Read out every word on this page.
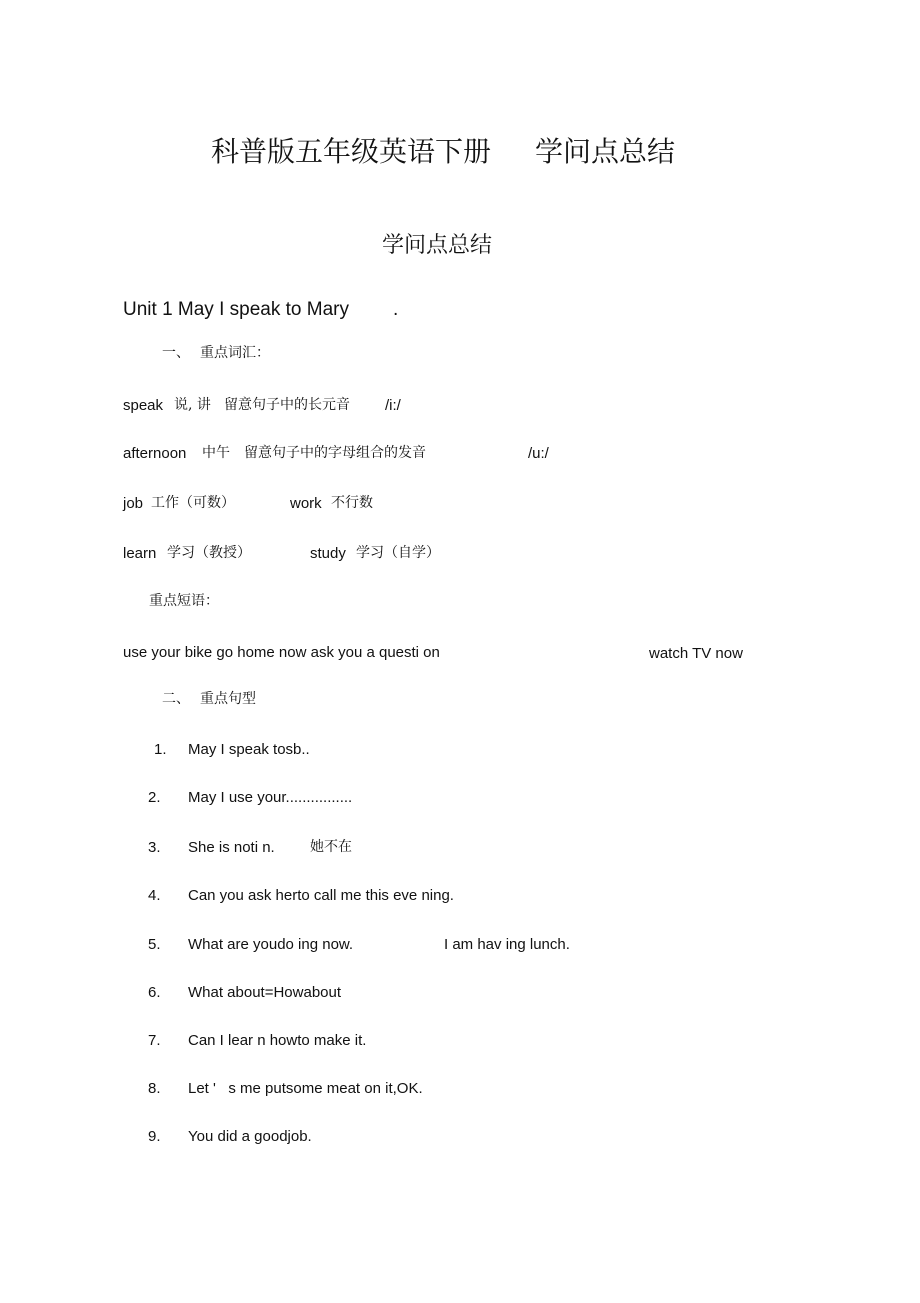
科普版五年级英语下册 学问点总结
学问点总结
Unit 1 May I speak to Mary .
一、 重点词汇：
speak 说, 讲 留意句子中的长元音 /i:/
afternoon 中午 留意句子中的字母组合的发音	/u:/
job 工作（可数）	work 不行数
learn 学习（教授）	study 学习（自学）
重点短语：
use your bike go home now ask you a questi on	watch TV now
二、 重点句型
1. May I speak tosb..
2. May I use your................
3. She is noti n.	她不在
4. Can you ask herto call me this eve ning.
5. What are youdo ing now.	I am hav ing lunch.
6. What about=Howabout
7. Can I lear n howto make it.
8. Let '   s me putsome meat on it,OK.
9. You did a goodjob.
